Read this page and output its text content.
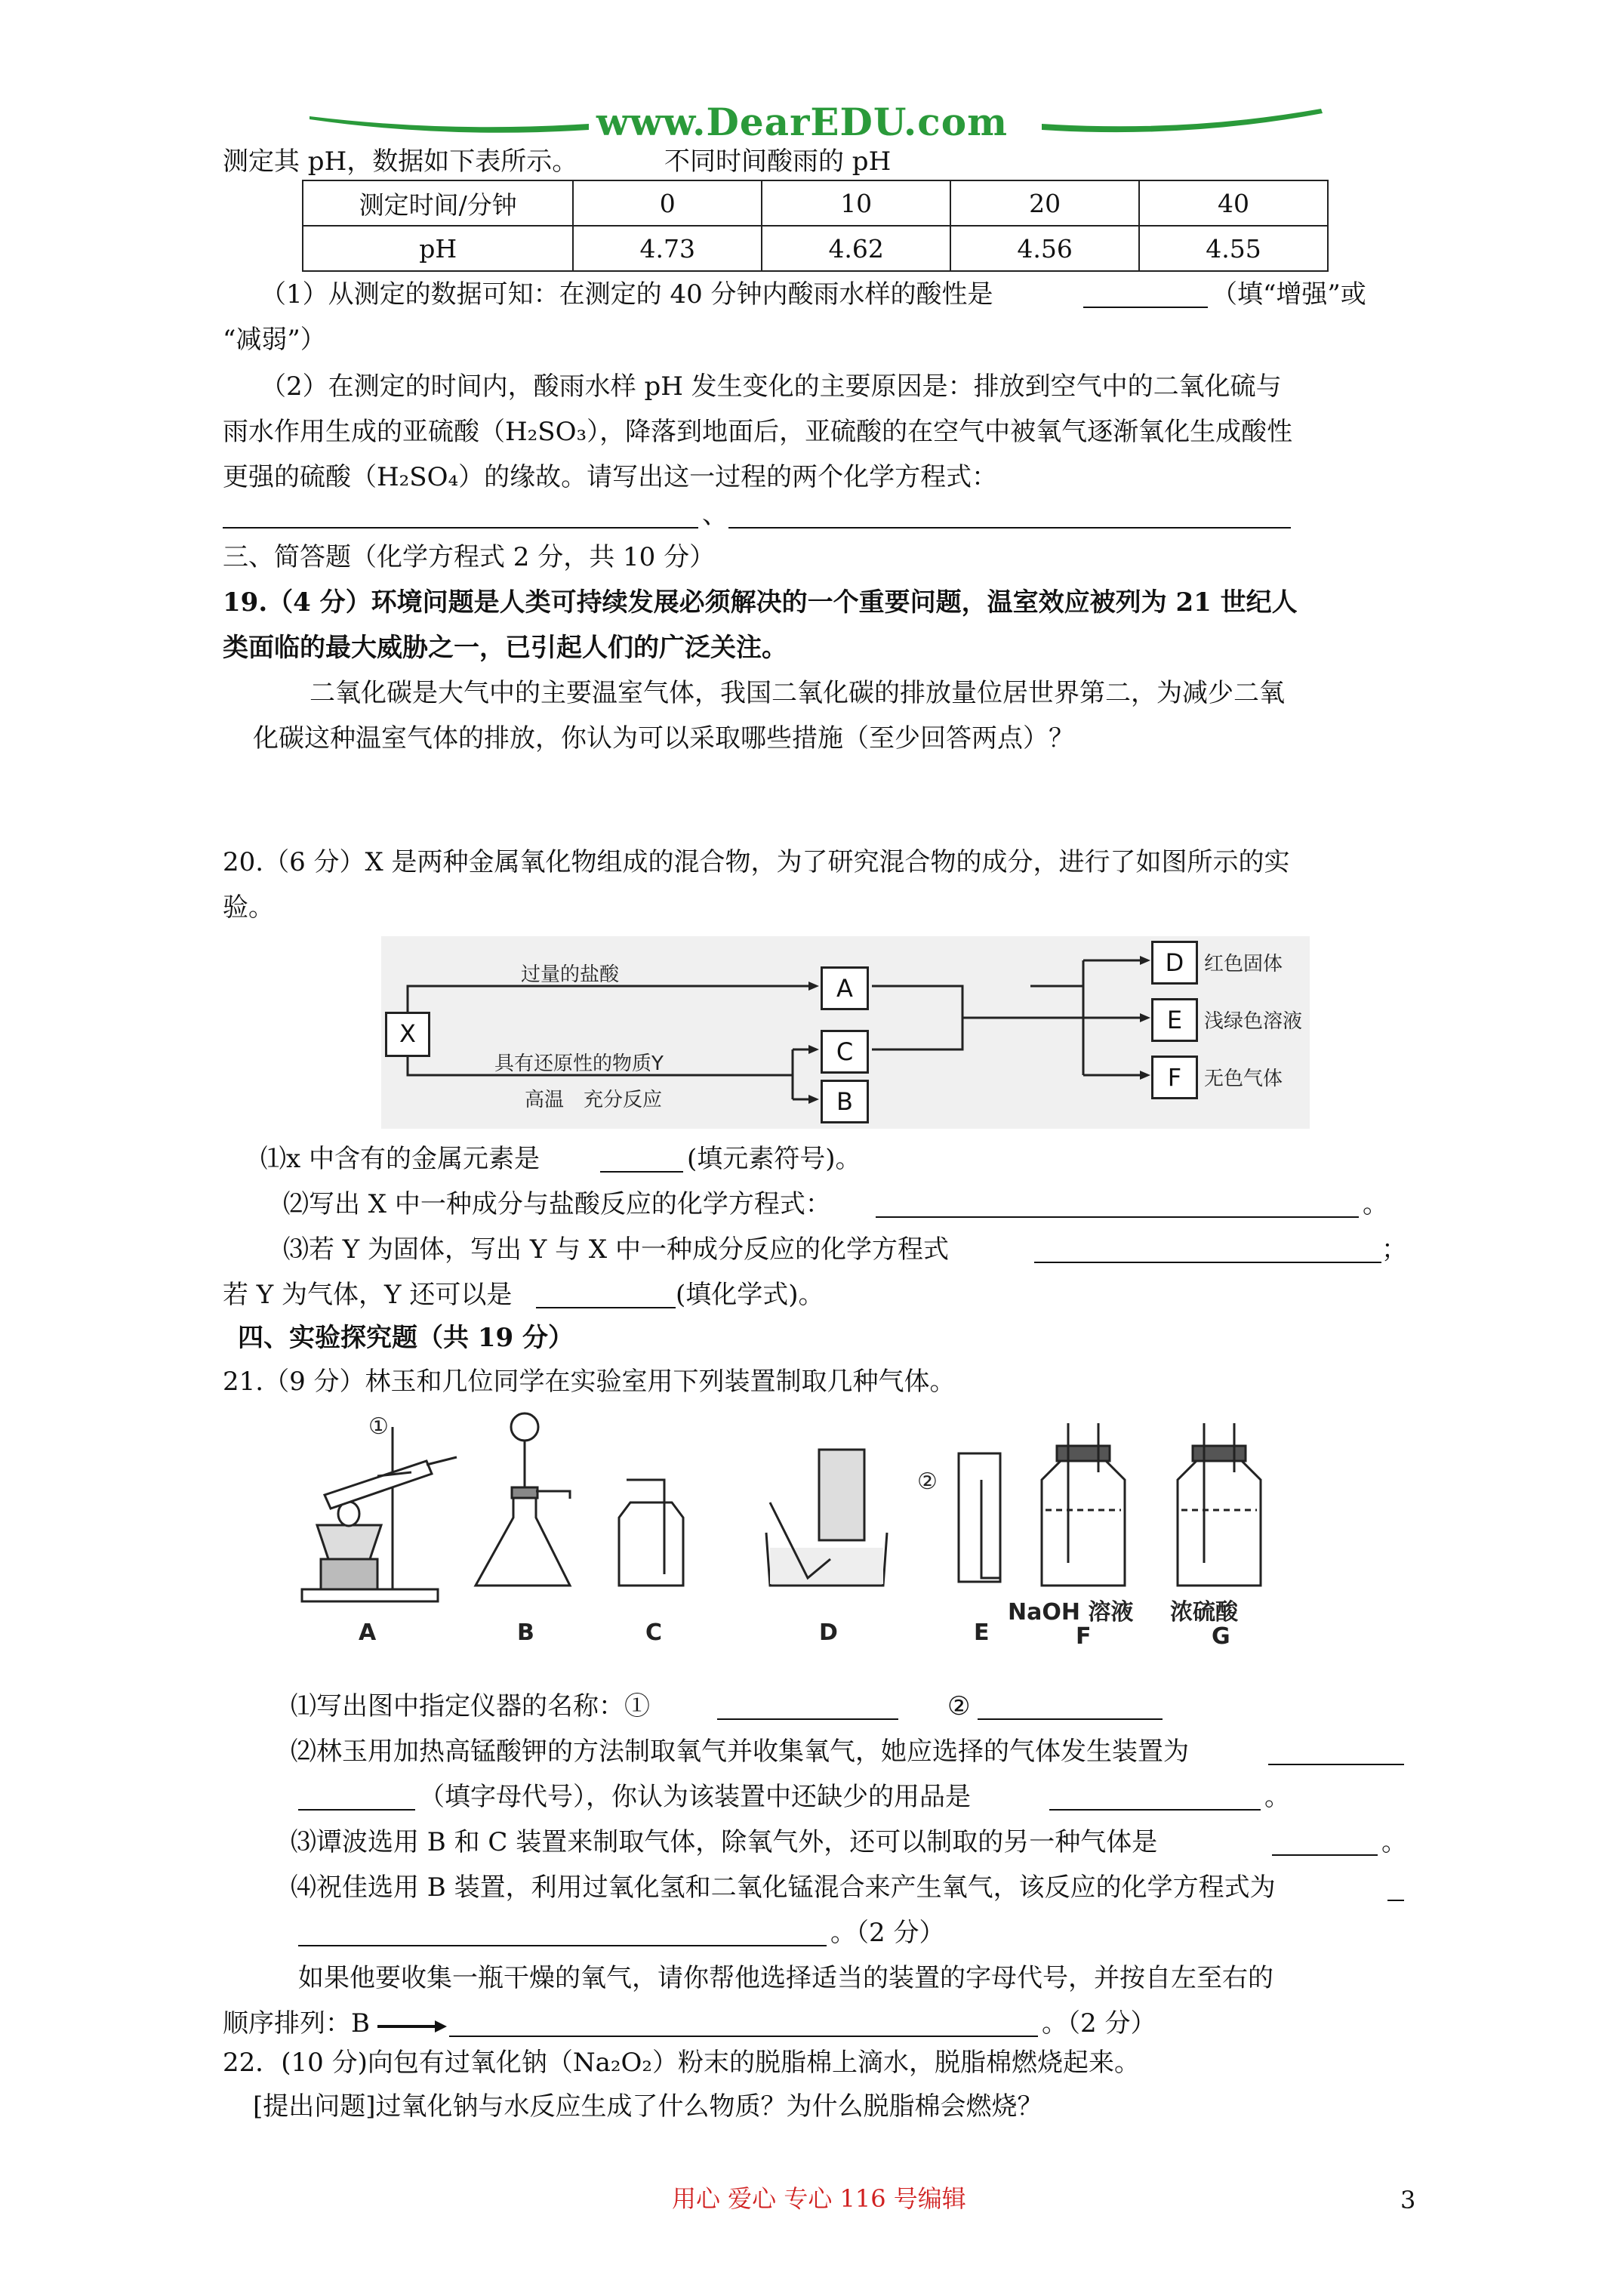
www.DearEDU.com
测定其 pH，数据如下表所示。	不同时间酸雨的 pH
测定时间/分钟	0	10	20	40
pH	4.73	4.62	4.56	4.55
（1）从测定的数据可知：在测定的 40 分钟内酸雨水样的酸性是	（填“增强”或
“减弱”）
（2）在测定的时间内，酸雨水样 pH 发生变化的主要原因是：排放到空气中的二氧化硫与
雨水作用生成的亚硫酸（H₂SO₃），降落到地面后，亚硫酸的在空气中被氧气逐渐氧化生成酸性
更强的硫酸（H₂SO₄）的缘故。请写出这一过程的两个化学方程式：
、
三、简答题（化学方程式 2 分，共 10 分）
19.（4 分）环境问题是人类可持续发展必须解决的一个重要问题，温室效应被列为 21 世纪人
类面临的最大威胁之一，已引起人们的广泛关注。
二氧化碳是大气中的主要温室气体，我国二氧化碳的排放量位居世界第二，为减少二氧
化碳这种温室气体的排放，你认为可以采取哪些措施（至少回答两点）？
20.（6 分）X 是两种金属氧化物组成的混合物，为了研究混合物的成分，进行了如图所示的实
验。
X
A
C
B
D
E
F
过量的盐酸
具有还原性的物质Y
高温　充分反应
红色固体
浅绿色溶液
无色气体
⑴x 中含有的金属元素是	(填元素符号)。
⑵写出 X 中一种成分与盐酸反应的化学方程式：	。
⑶若 Y 为固体，写出 Y 与 X 中一种成分反应的化学方程式	；
若 Y 为气体，Y 还可以是	(填化学式)。
四、实验探究题（共 19 分）
21.（9 分）林玉和几位同学在实验室用下列装置制取几种气体。
①
②
A	B	C	D	E
NaOH 溶液
F
浓硫酸
G
⑴写出图中指定仪器的名称：①	②
⑵林玉用加热高锰酸钾的方法制取氧气并收集氧气，她应选择的气体发生装置为
（填字母代号），你认为该装置中还缺少的用品是	。
⑶谭波选用 B 和 C 装置来制取气体，除氧气外，还可以制取的另一种气体是	。
⑷祝佳选用 B 装置，利用过氧化氢和二氧化锰混合来产生氧气，该反应的化学方程式为
。（2 分）
如果他要收集一瓶干燥的氧气，请你帮他选择适当的装置的字母代号，并按自左至右的
顺序排列：B	。（2 分）
22．(10 分)向包有过氧化钠（Na₂O₂）粉末的脱脂棉上滴水，脱脂棉燃烧起来。
[提出问题]过氧化钠与水反应生成了什么物质？为什么脱脂棉会燃烧？
用心 爱心 专心 116 号编辑	3
